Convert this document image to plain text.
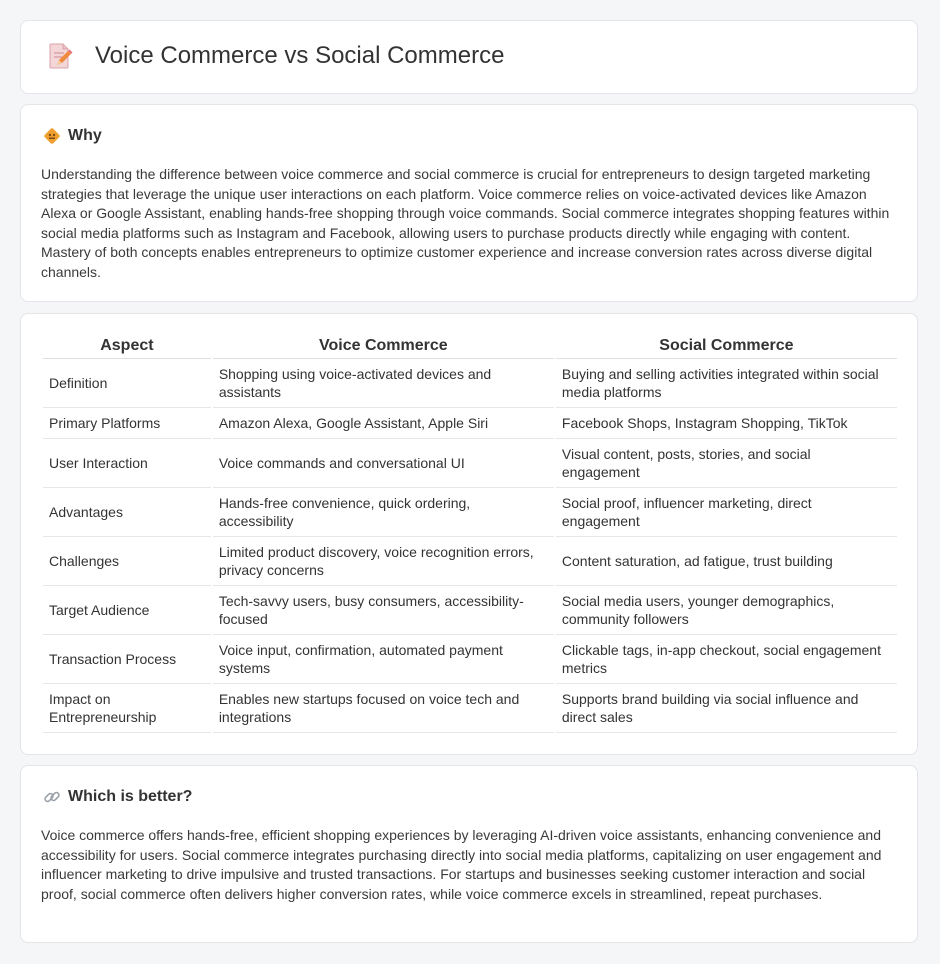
Voice Commerce vs Social Commerce
Why

Understanding the difference between voice commerce and social commerce is crucial for entrepreneurs to design targeted marketing strategies that leverage the unique user interactions on each platform. Voice commerce relies on voice-activated devices like Amazon Alexa or Google Assistant, enabling hands-free shopping through voice commands. Social commerce integrates shopping features within social media platforms such as Instagram and Facebook, allowing users to purchase products directly while engaging with content. Mastery of both concepts enables entrepreneurs to optimize customer experience and increase conversion rates across diverse digital channels.

Aspect	Voice Commerce	Social Commerce
Definition	Shopping using voice-activated devices and assistants	Buying and selling activities integrated within social media platforms
Primary Platforms	Amazon Alexa, Google Assistant, Apple Siri	Facebook Shops, Instagram Shopping, TikTok
User Interaction	Voice commands and conversational UI	Visual content, posts, stories, and social engagement
Advantages	Hands-free convenience, quick ordering, accessibility	Social proof, influencer marketing, direct engagement
Challenges	Limited product discovery, voice recognition errors, privacy concerns	Content saturation, ad fatigue, trust building
Target Audience	Tech-savvy users, busy consumers, accessibility-focused	Social media users, younger demographics, community followers
Transaction Process	Voice input, confirmation, automated payment systems	Clickable tags, in-app checkout, social engagement metrics
Impact on Entrepreneurship	Enables new startups focused on voice tech and integrations	Supports brand building via social influence and direct sales
Which is better?

Voice commerce offers hands-free, efficient shopping experiences by leveraging AI-driven voice assistants, enhancing convenience and accessibility for users. Social commerce integrates purchasing directly into social media platforms, capitalizing on user engagement and influencer marketing to drive impulsive and trusted transactions. For startups and businesses seeking customer interaction and social proof, social commerce often delivers higher conversion rates, while voice commerce excels in streamlined, repeat purchases.
